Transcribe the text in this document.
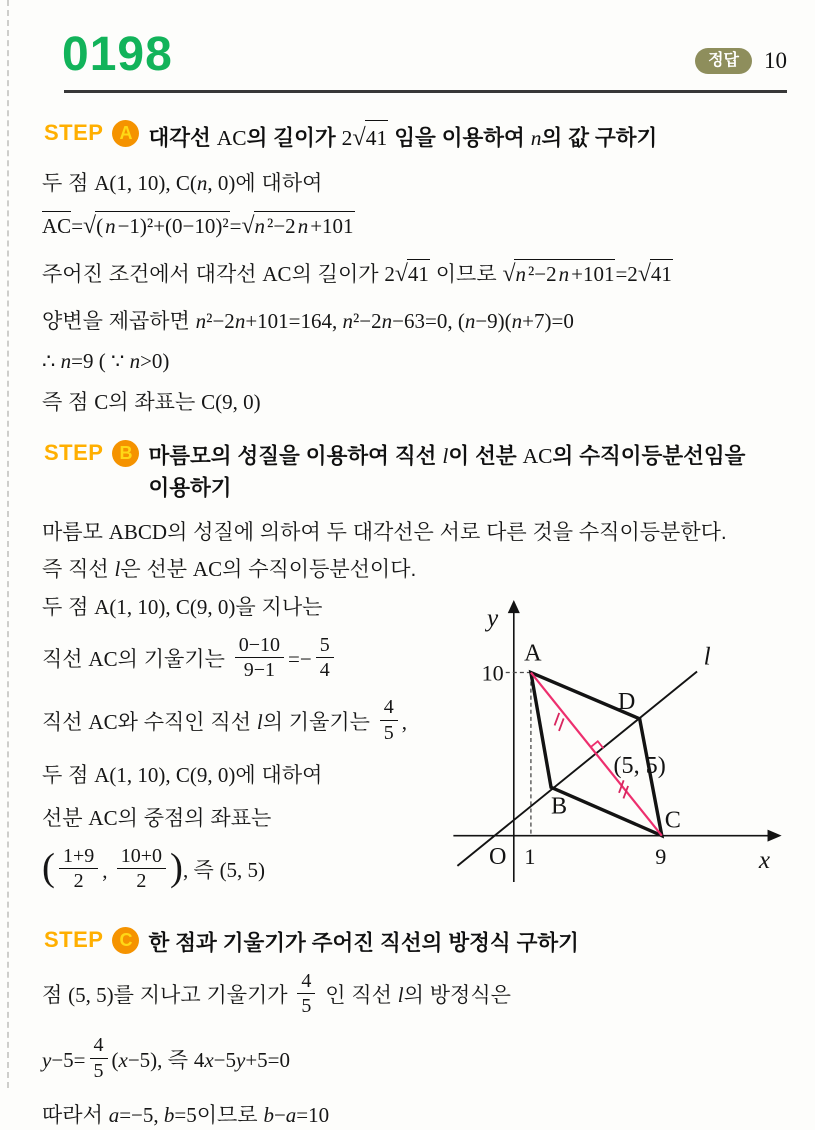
0198	정답	10
STEP A 대각선 AC의 길이가 2√41 임을 이용하여 n의 값 구하기
두 점 A(1, 10), C(n, 0)에 대하여
AC=√(n−1)²+(0−10)²=√n²−2n+101
주어진 조건에서 대각선 AC의 길이가 2√41 이므로 √n²−2n+101=2√41
양변을 제곱하면 n²−2n+101=164, n²−2n−63=0, (n−9)(n+7)=0
∴ n=9 ( ∵ n>0)
즉 점 C의 좌표는 C(9, 0)
STEP B 마름모의 성질을 이용하여 직선 l이 선분 AC의 수직이등분선임을
이용하기
마름모 ABCD의 성질에 의하여 두 대각선은 서로 다른 것을 수직이등분한다.
즉 직선 l은 선분 AC의 수직이등분선이다.
두 점 A(1, 10), C(9, 0)을 지나는
직선 AC의 기울기는 $\frac{0-10}{9-1} =- \frac{5}{4}$
직선 AC와 수직인 직선 l의 기울기는 $\frac{4}{5}$ ,
두 점 A(1, 10), C(9, 0)에 대하여
선분 AC의 중점의 좌표는
( $\frac{1+9}{2}$ , $\frac{10+0}{2}$ ), 즉 (5, 5)
y
x
l
O 1	9
10
A
B
C
D
(5, 5)
STEP C 한 점과 기울기가 주어진 직선의 방정식 구하기
점 (5, 5)를 지나고 기울기가 $\frac{4}{5}$ 인 직선 l의 방정식은
$y-5= \frac{4}{5} (x-5)$, 즉 4x−5y+5=0
따라서 a=−5, b=5이므로 b−a=10
